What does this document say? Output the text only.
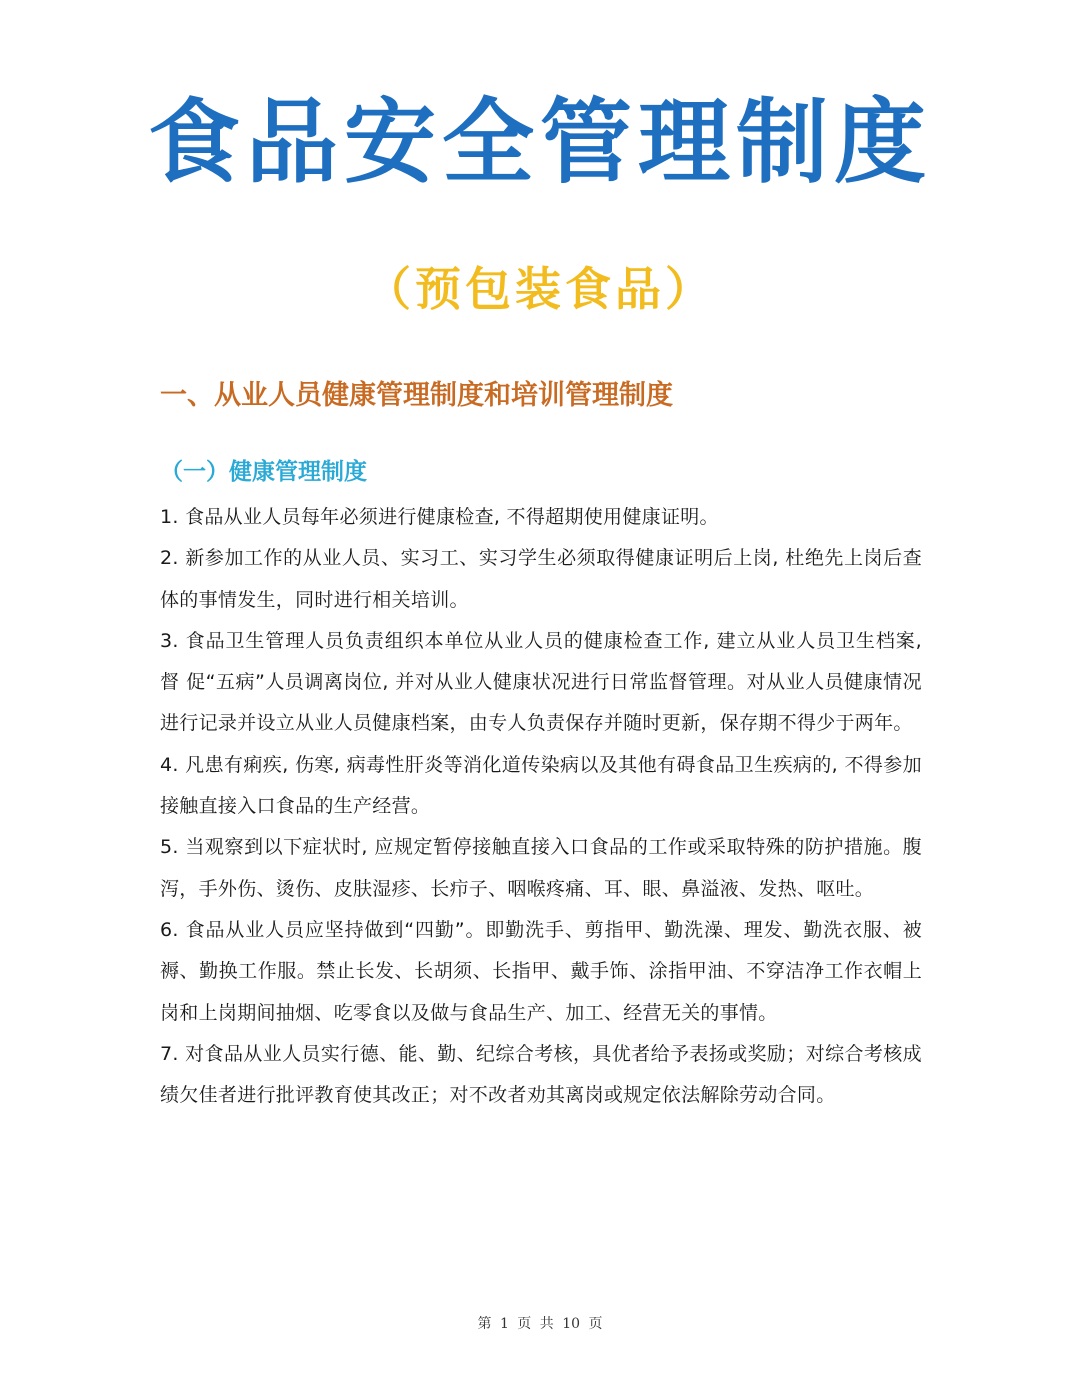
食品安全管理制度
（预包装食品）
一、从业人员健康管理制度和培训管理制度
（一）健康管理制度
1. 食品从业人员每年必须进行健康检查, 不得超期使用健康证明。
2. 新参加工作的从业人员、实习工、实习学生必须取得健康证明后上岗, 杜绝先上岗后查 体的事情发生，同时进行相关培训。
3. 食品卫生管理人员负责组织本单位从业人员的健康检查工作, 建立从业人员卫生档案, 督 促“五病”人员调离岗位, 并对从业人健康状况进行日常监督管理。对从业人员健康情况进行记录并设立从业人员健康档案，由专人负责保存并随时更新，保存期不得少于两年。
4. 凡患有痢疾, 伤寒, 病毒性肝炎等消化道传染病以及其他有碍食品卫生疾病的, 不得参加 接触直接入口食品的生产经营。
5. 当观察到以下症状时, 应规定暂停接触直接入口食品的工作或采取特殊的防护措施。腹 泻，手外伤、烫伤、皮肤湿疹、长疖子、咽喉疼痛、耳、眼、鼻溢液、发热、呕吐。
6. 食品从业人员应坚持做到“四勤”。即勤洗手、剪指甲、勤洗澡、理发、勤洗衣服、被 褥、勤换工作服。禁止长发、长胡须、长指甲、戴手饰、涂指甲油、不穿洁净工作衣帽上岗和上岗期间抽烟、吃零食以及做与食品生产、加工、经营无关的事情。
7. 对食品从业人员实行德、能、勤、纪综合考核，具优者给予表扬或奖励；对综合考核成 绩欠佳者进行批评教育使其改正；对不改者劝其离岗或规定依法解除劳动合同。
第 1 页 共 10 页
